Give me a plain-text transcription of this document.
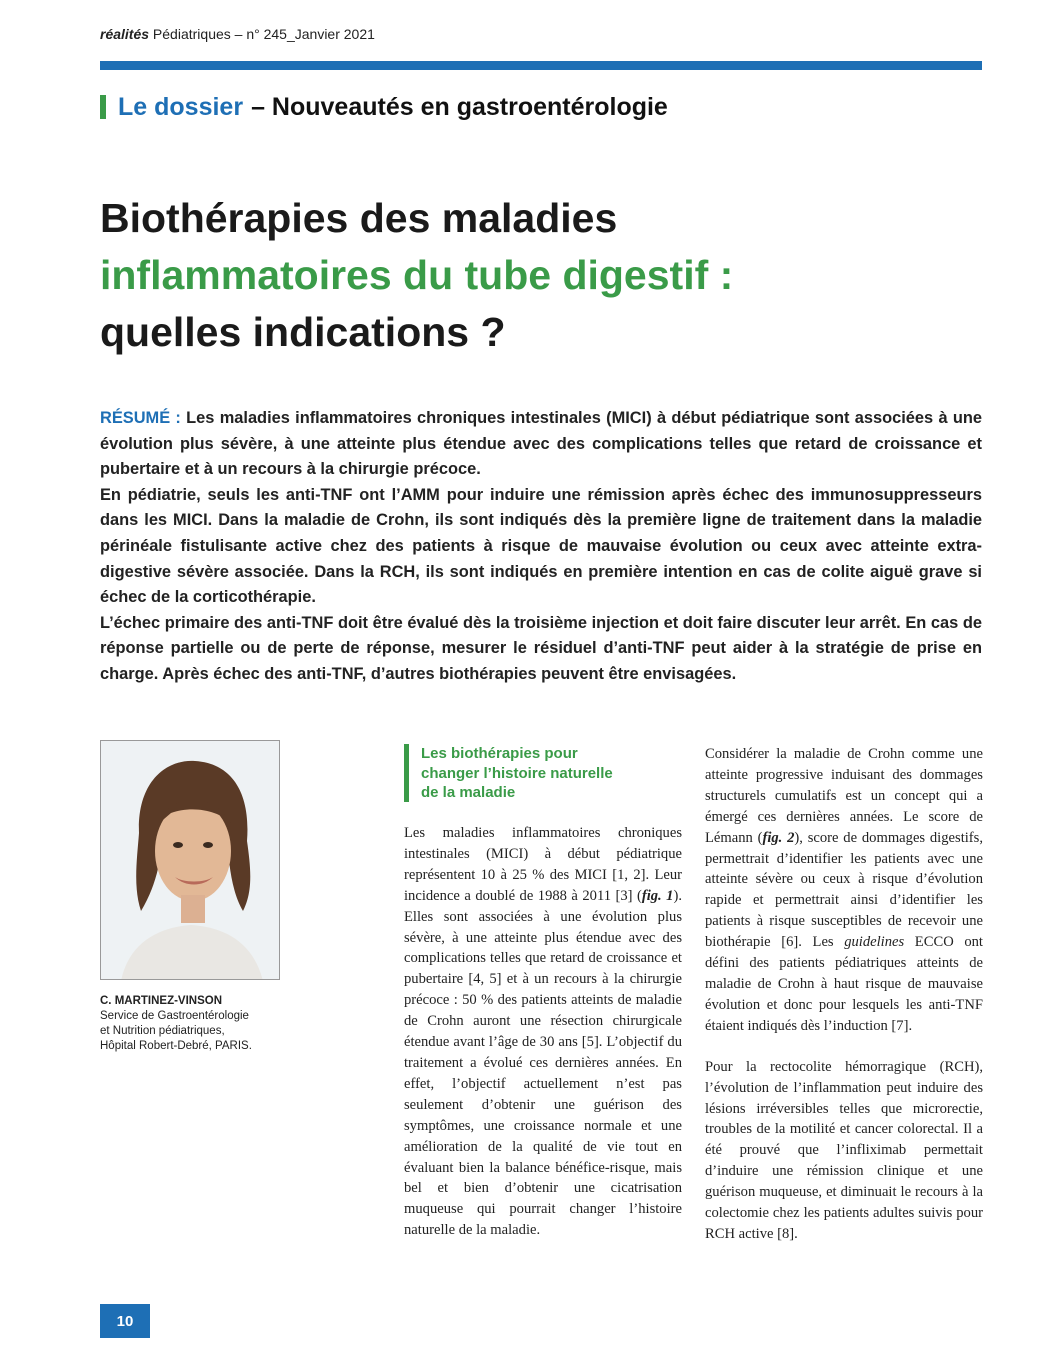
réalités Pédiatriques – n° 245_Janvier 2021
Le dossier – Nouveautés en gastroentérologie
Biothérapies des maladies
inflammatoires du tube digestif :
quelles indications ?

RÉSUMÉ : Les maladies inflammatoires chroniques intestinales (MICI) à début pédiatrique sont associées à une évolution plus sévère, à une atteinte plus étendue avec des complications telles que retard de croissance et pubertaire et à un recours à la chirurgie précoce.

En pédiatrie, seuls les anti-TNF ont l’AMM pour induire une rémission après échec des immunosuppresseurs dans les MICI. Dans la maladie de Crohn, ils sont indiqués dès la première ligne de traitement dans la maladie périnéale fistulisante active chez des patients à risque de mauvaise évolution ou ceux avec atteinte extra-digestive sévère associée. Dans la RCH, ils sont indiqués en première intention en cas de colite aiguë grave si échec de la corticothérapie.

L’échec primaire des anti-TNF doit être évalué dès la troisième injection et doit faire discuter leur arrêt. En cas de réponse partielle ou de perte de réponse, mesurer le résiduel d’anti-TNF peut aider à la stratégie de prise en charge. Après échec des anti-TNF, d’autres biothérapies peuvent être envisagées.

C. MARTINEZ-VINSON
Service de Gastroentérologie
et Nutrition pédiatriques,
Hôpital Robert-Debré, PARIS.
Les biothérapies pour
changer l’histoire naturelle
de la maladie

Les maladies inflammatoires chroniques intestinales (MICI) à début pédiatrique représentent 10 à 25 % des MICI [1, 2]. Leur incidence a doublé de 1988 à 2011 [3] (fig. 1). Elles sont associées à une évolution plus sévère, à une atteinte plus étendue avec des complications telles que retard de croissance et pubertaire [4, 5] et à un recours à la chirurgie précoce : 50 % des patients atteints de maladie de Crohn auront une résection chirurgicale étendue avant l’âge de 30 ans [5]. L’objectif du traitement a évolué ces dernières années. En effet, l’objectif actuellement n’est pas seulement d’obtenir une guérison des symptômes, une croissance normale et une amélioration de la qualité de vie tout en évaluant bien la balance bénéfice-risque, mais bel et bien d’obtenir une cicatrisation muqueuse qui pourrait changer l’histoire naturelle de la maladie.

Considérer la maladie de Crohn comme une atteinte progressive induisant des dommages structurels cumulatifs est un concept qui a émergé ces dernières années. Le score de Lémann (fig. 2), score de dommages digestifs, permettrait d’identifier les patients avec une atteinte sévère ou ceux à risque d’évolution rapide et permettrait ainsi d’identifier les patients à risque susceptibles de recevoir une biothérapie [6]. Les guidelines ECCO ont défini des patients pédiatriques atteints de maladie de Crohn à haut risque de mauvaise évolution et donc pour lesquels les anti-TNF étaient indiqués dès l’induction [7].

Pour la rectocolite hémorragique (RCH), l’évolution de l’inflammation peut induire des lésions irréversibles telles que microrectie, troubles de la motilité et cancer colorectal. Il a été prouvé que l’infliximab permettait d’induire une rémission clinique et une guérison muqueuse, et diminuait le recours à la colectomie chez les patients adultes suivis pour RCH active [8].

10
